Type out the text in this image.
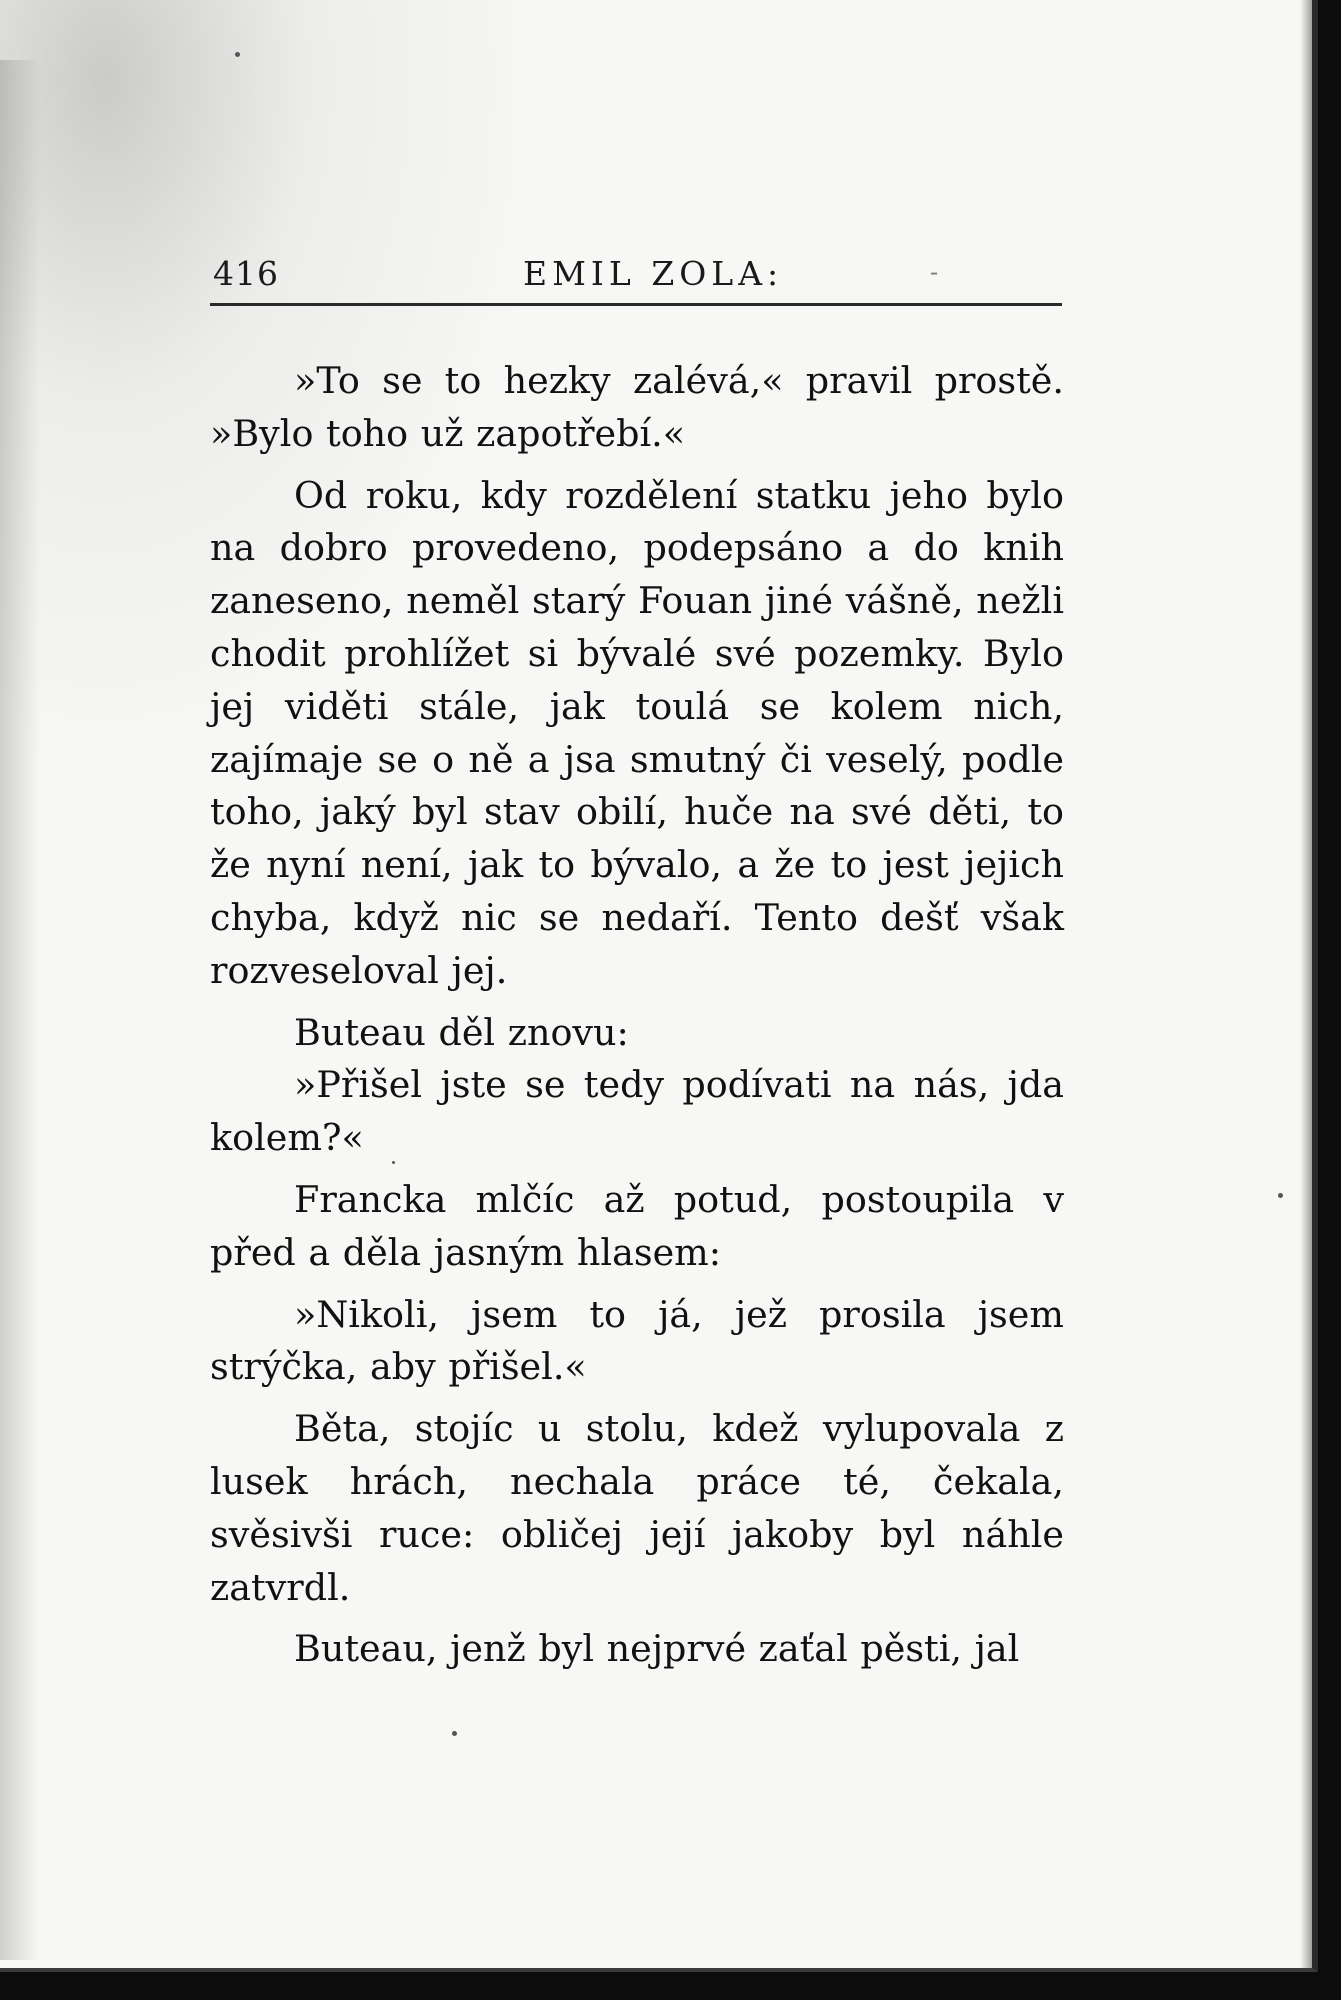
416	EMIL ZOLA:	-

»To se to hezky zalévá,« pravil prostě. »Bylo toho už zapotřebí.«

Od roku, kdy rozdělení statku jeho bylo na dobro provedeno, podepsáno a do knih zaneseno, neměl starý Fouan jiné vášně, nežli chodit prohlížet si bývalé své pozemky. Bylo jej viděti stále, jak toulá se kolem nich, zajímaje se o ně a jsa smutný či veselý, podle toho, jaký byl stav obilí, huče na své děti, to že nyní není, jak to bývalo, a že to jest jejich chyba, když nic se nedaří. Tento dešť však rozveseloval jej.

Buteau děl znovu:

»Přišel jste se tedy podívati na nás, jda kolem?«

Francka mlčíc až potud, postoupila v před a děla jasným hlasem:

»Nikoli, jsem to já, jež prosila jsem strýčka, aby přišel.«

Běta, stojíc u stolu, kdež vylupovala z lusek hrách, nechala práce té, čekala, svěsivši ruce: obličej její jakoby byl náhle zatvrdl.

Buteau, jenž byl nejprvé zaťal pěsti, jal
